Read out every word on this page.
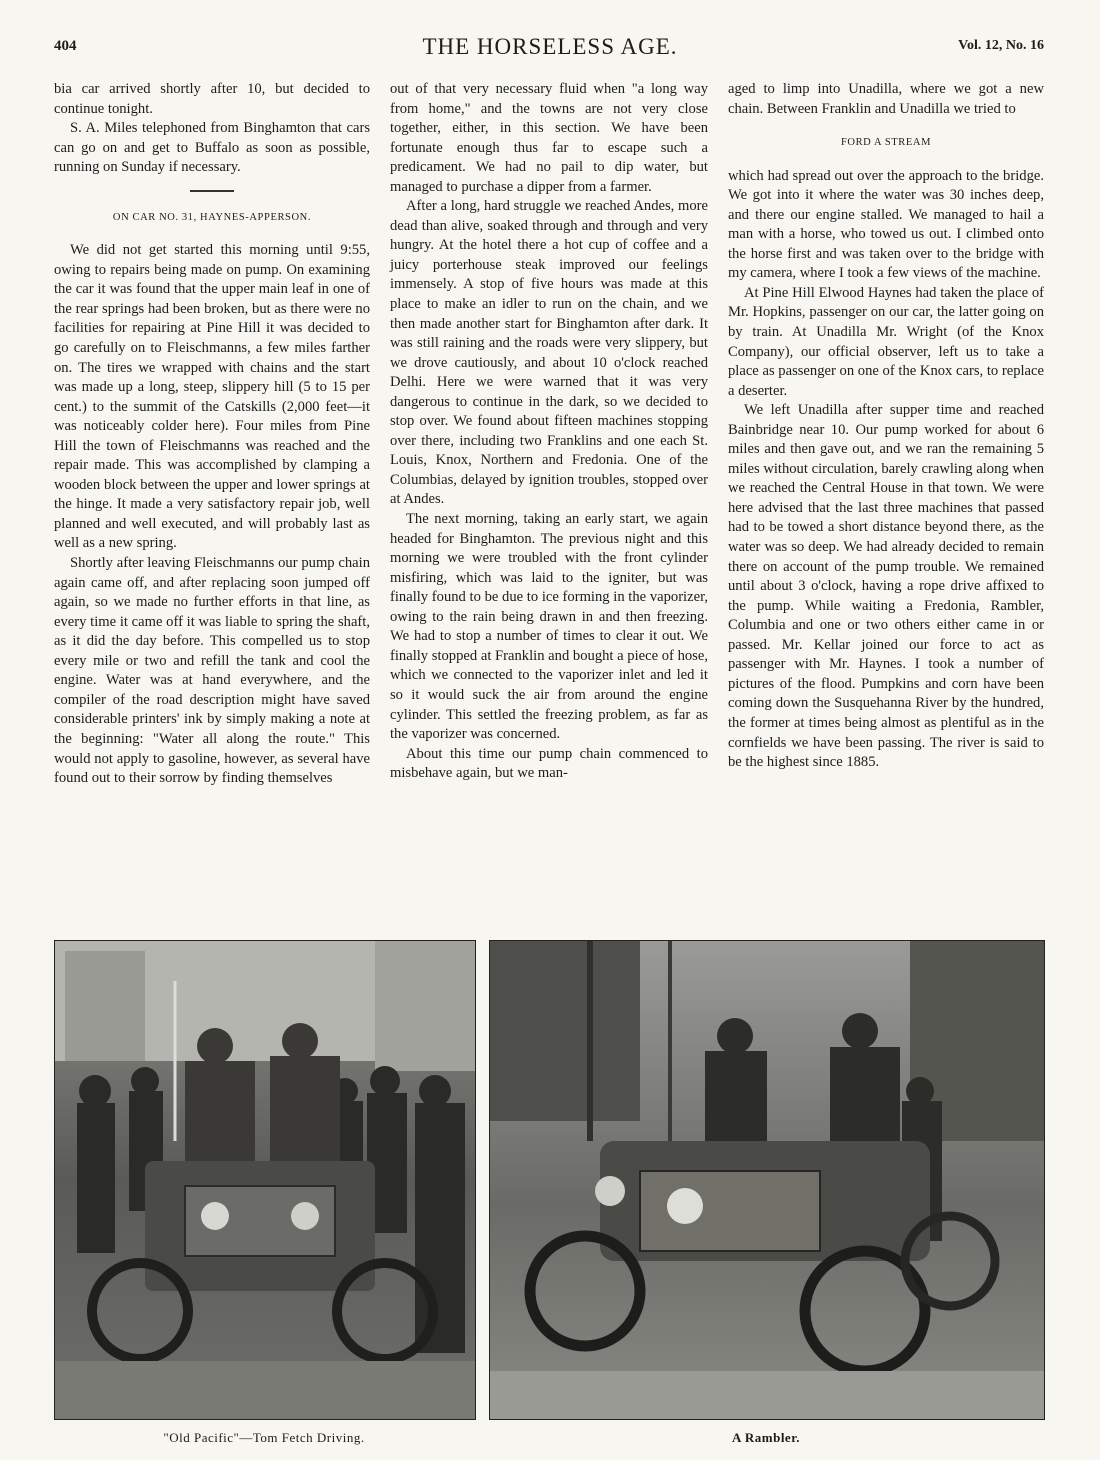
404	THE HORSELESS AGE.	Vol. 12, No. 16

bia car arrived shortly after 10, but decided to continue tonight.

S. A. Miles telephoned from Binghamton that cars can go on and get to Buffalo as soon as possible, running on Sunday if necessary.

ON CAR NO. 31, HAYNES-APPERSON.

We did not get started this morning until 9:55, owing to repairs being made on pump. On examining the car it was found that the upper main leaf in one of the rear springs had been broken, but as there were no facilities for repairing at Pine Hill it was decided to go carefully on to Fleischmanns, a few miles farther on. The tires we wrapped with chains and the start was made up a long, steep, slippery hill (5 to 15 per cent.) to the summit of the Catskills (2,000 feet—it was noticeably colder here). Four miles from Pine Hill the town of Fleischmanns was reached and the repair made. This was accomplished by clamping a wooden block between the upper and lower springs at the hinge. It made a very satisfactory repair job, well planned and well executed, and will probably last as well as a new spring.

Shortly after leaving Fleischmanns our pump chain again came off, and after replacing soon jumped off again, so we made no further efforts in that line, as every time it came off it was liable to spring the shaft, as it did the day before. This compelled us to stop every mile or two and refill the tank and cool the engine. Water was at hand everywhere, and the compiler of the road description might have saved considerable printers' ink by simply making a note at the beginning: "Water all along the route." This would not apply to gasoline, however, as several have found out to their sorrow by finding themselves

out of that very necessary fluid when "a long way from home," and the towns are not very close together, either, in this section. We have been fortunate enough thus far to escape such a predicament. We had no pail to dip water, but managed to purchase a dipper from a farmer.

After a long, hard struggle we reached Andes, more dead than alive, soaked through and through and very hungry. At the hotel there a hot cup of coffee and a juicy porterhouse steak improved our feelings immensely. A stop of five hours was made at this place to make an idler to run on the chain, and we then made another start for Binghamton after dark. It was still raining and the roads were very slippery, but we drove cautiously, and about 10 o'clock reached Delhi. Here we were warned that it was very dangerous to continue in the dark, so we decided to stop over. We found about fifteen machines stopping over there, including two Franklins and one each St. Louis, Knox, Northern and Fredonia. One of the Columbias, delayed by ignition troubles, stopped over at Andes.

The next morning, taking an early start, we again headed for Binghamton. The previous night and this morning we were troubled with the front cylinder misfiring, which was laid to the igniter, but was finally found to be due to ice forming in the vaporizer, owing to the rain being drawn in and then freezing. We had to stop a number of times to clear it out. We finally stopped at Franklin and bought a piece of hose, which we connected to the vaporizer inlet and led it so it would suck the air from around the engine cylinder. This settled the freezing problem, as far as the vaporizer was concerned.

About this time our pump chain commenced to misbehave again, but we man-

aged to limp into Unadilla, where we got a new chain. Between Franklin and Unadilla we tried to

FORD A STREAM

which had spread out over the approach to the bridge. We got into it where the water was 30 inches deep, and there our engine stalled. We managed to hail a man with a horse, who towed us out. I climbed onto the horse first and was taken over to the bridge with my camera, where I took a few views of the machine.

At Pine Hill Elwood Haynes had taken the place of Mr. Hopkins, passenger on our car, the latter going on by train. At Unadilla Mr. Wright (of the Knox Company), our official observer, left us to take a place as passenger on one of the Knox cars, to replace a deserter.

We left Unadilla after supper time and reached Bainbridge near 10. Our pump worked for about 6 miles and then gave out, and we ran the remaining 5 miles without circulation, barely crawling along when we reached the Central House in that town. We were here advised that the last three machines that passed had to be towed a short distance beyond there, as the water was so deep. We had already decided to remain there on account of the pump trouble. We remained until about 3 o'clock, having a rope drive affixed to the pump. While waiting a Fredonia, Rambler, Columbia and one or two others either came in or passed. Mr. Kellar joined our force to act as passenger with Mr. Haynes. I took a number of pictures of the flood. Pumpkins and corn have been coming down the Susquehanna River by the hundred, the former at times being almost as plentiful as in the cornfields we have been passing. The river is said to be the highest since 1885.

"Old Pacific"—Tom Fetch Driving.	A Rambler.
